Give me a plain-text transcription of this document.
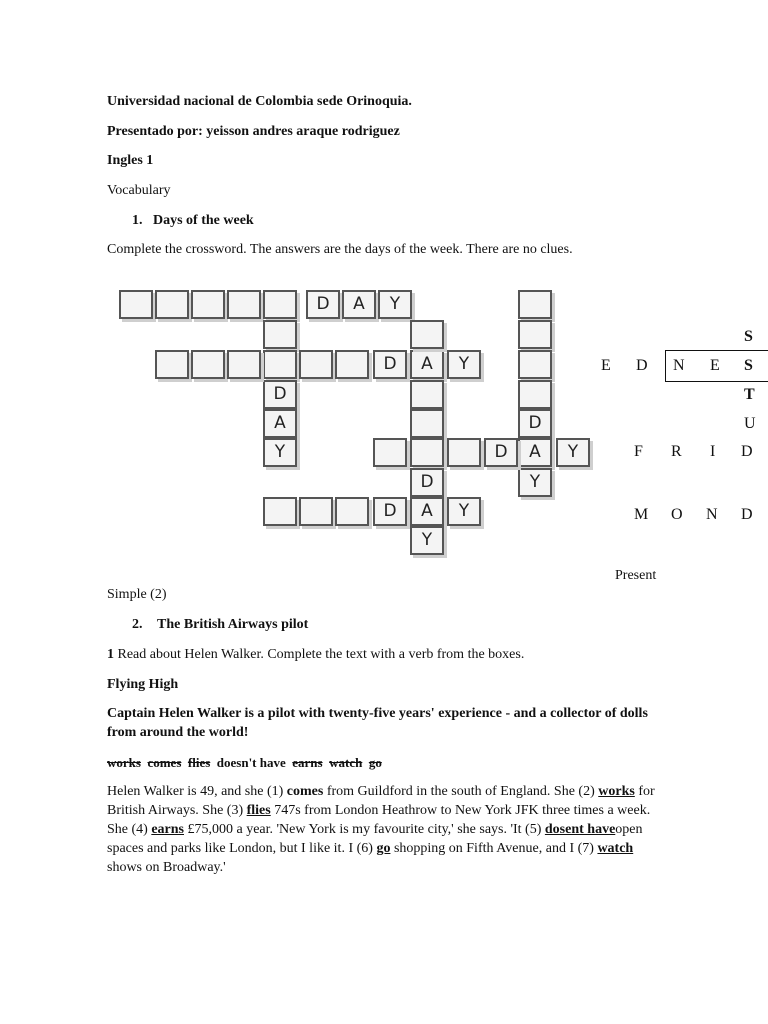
Universidad nacional de Colombia sede Orinoquia.
Presentado por: yeisson andres araque rodriguez
Ingles 1
Vocabulary
1. Days of the week
Complete the crossword. The answers are the days of the week. There are no clues.
D	A	Y
D
A
Y
D	A	Y
D
A
Y
D
A
Y
D	Y
D	Y
S
T
E D N E S
U
F R I D
M O N D
Present
Simple (2)
2. The British Airways pilot
1 Read about Helen Walker. Complete the text with a verb from the boxes.
Flying High
Captain Helen Walker is a pilot with twenty-five years' experience - and a collector of dolls from around the world!
works comes flies doesn't have earns watch go
Helen Walker is 49, and she (1) comes from Guildford in the south of England. She (2) works for British Airways. She (3) flies 747s from London Heathrow to New York JFK three times a week. She (4) earns £75,000 a year. 'New York is my favourite city,' she says. 'It (5) dosent haveopen spaces and parks like London, but I like it. I (6) go shopping on Fifth Avenue, and I (7) watch shows on Broadway.'
